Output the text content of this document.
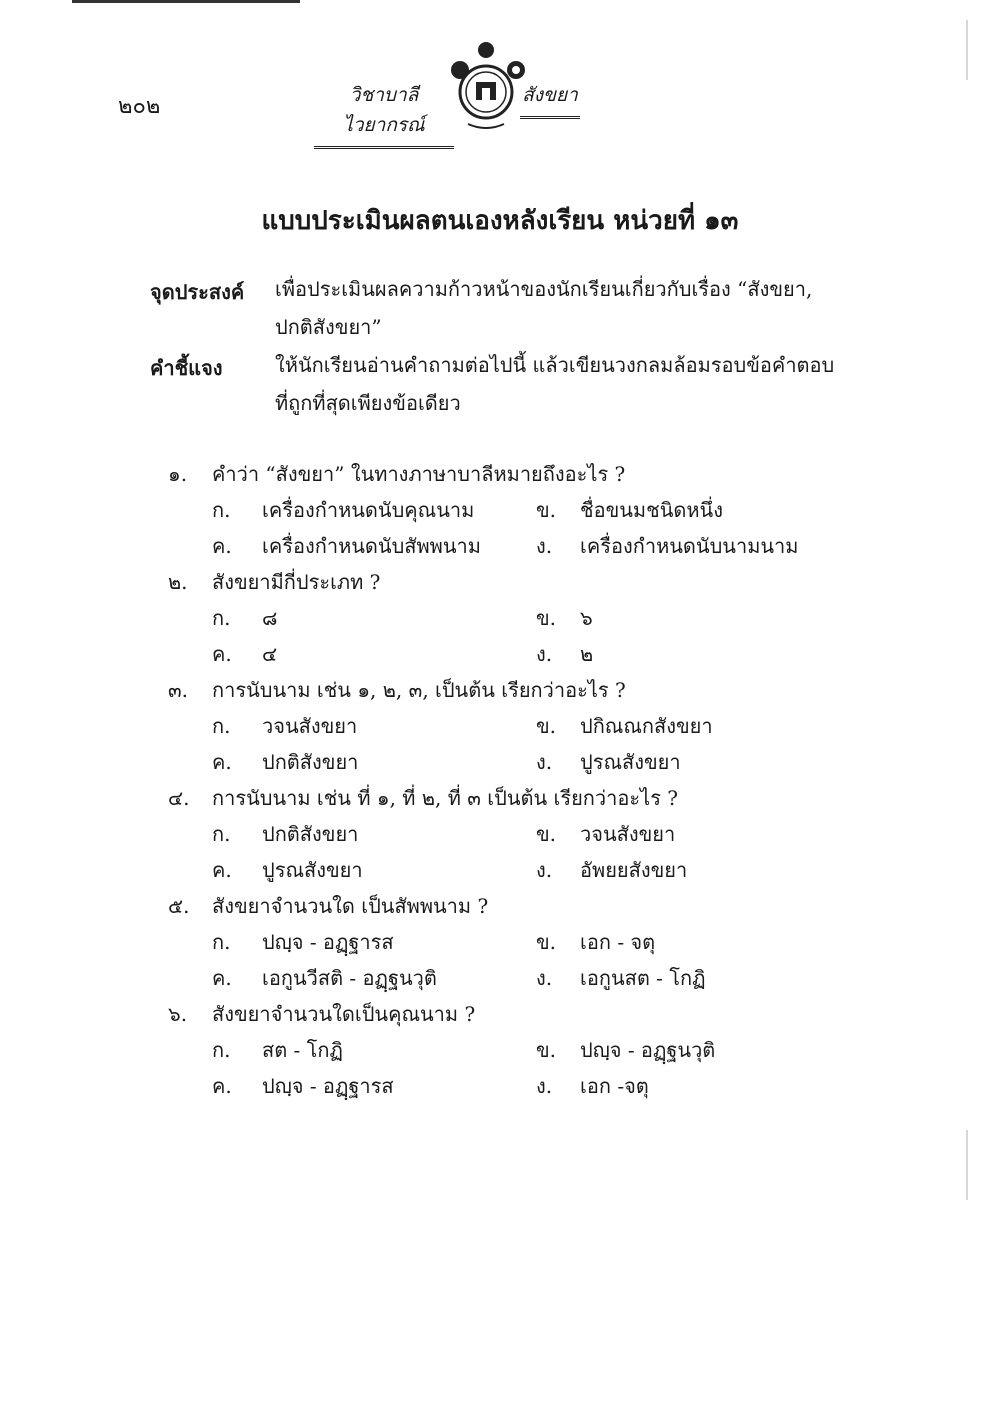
๒๐๒	วิชาบาลีไวยากรณ์
สังขยา
แบบประเมินผลตนเองหลังเรียน หน่วยที่ ๑๓
จุดประสงค์ เพื่อประเมินผลความก้าวหน้าของนักเรียนเกี่ยวกับเรื่อง “สังขยา, ปกติสังขยา”
คำชี้แจง	ให้นักเรียนอ่านคำถามต่อไปนี้ แล้วเขียนวงกลมล้อมรอบข้อคำตอบที่ถูกที่สุดเพียงข้อเดียว
๑. คำว่า “สังขยา” ในทางภาษาบาลีหมายถึงอะไร ?
ก. เครื่องกำหนดนับคุณนาม	ข. ชื่อขนมชนิดหนึ่ง
ค. เครื่องกำหนดนับสัพพนาม	ง. เครื่องกำหนดนับนามนาม
๒. สังขยามีกี่ประเภท ?
ก. ๘	ข. ๖
ค. ๔	ง. ๒
๓. การนับนาม เช่น ๑, ๒, ๓, เป็นต้น เรียกว่าอะไร ?
ก. วจนสังขยา	ข. ปกิณณกสังขยา
ค. ปกติสังขยา	ง. ปูรณสังขยา
๔. การนับนาม เช่น ที่ ๑, ที่ ๒, ที่ ๓ เป็นต้น เรียกว่าอะไร ?
ก. ปกติสังขยา	ข. วจนสังขยา
ค. ปูรณสังขยา	ง. อัพยยสังขยา
๕. สังขยาจำนวนใด เป็นสัพพนาม ?
ก. ปญฺจ - อฏฺฐารส	ข. เอก - จตุ
ค. เอกูนวีสติ - อฏฺฐนวุติ	ง. เอกูนสต - โกฏิ
๖. สังขยาจำนวนใดเป็นคุณนาม ?
ก. สต - โกฏิ	ข. ปญฺจ - อฏฺฐนวุติ
ค. ปญฺจ - อฏฺฐารส	ง. เอก -จตุ
